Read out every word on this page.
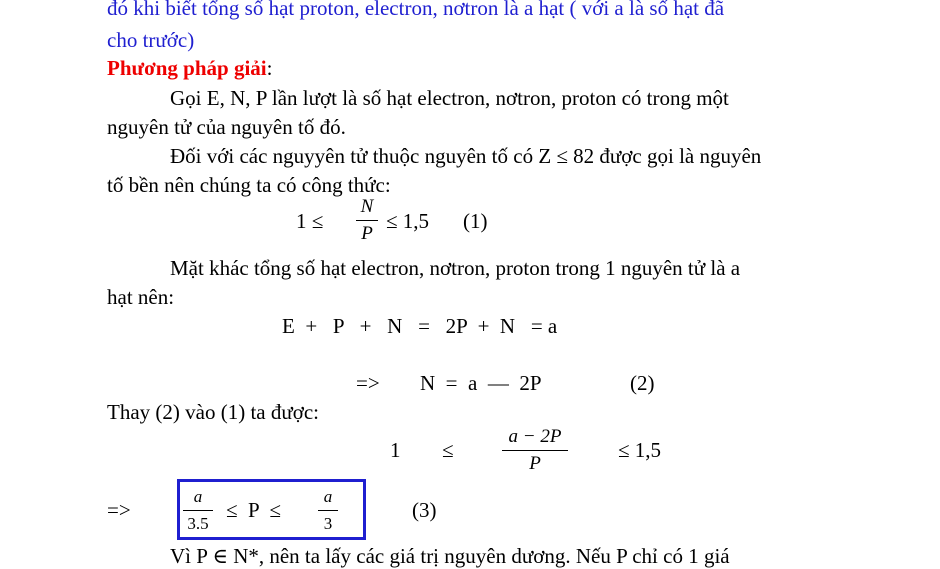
đó khi biết tổng số hạt proton, electron, nơtron là a hạt ( với a là số hạt đã
cho trước)
Phương pháp giải:
Gọi E, N, P lần lượt là số hạt electron, nơtron, proton có trong một
nguyên tử của nguyên tố đó.
Đối với các nguyyên tử thuộc nguyên tố có Z ≤ 82 được gọi là nguyên
tố bền nên chúng ta có công thức:
1 ≤
N
P
≤ 1,5 (1)
Mặt khác tổng số hạt electron, nơtron, proton trong 1 nguyên tử là a
hạt nên:
E  +   P   +   N   =   2P  +  N   = a
=> N  =  a  —  2P	(2)
Thay (2) vào (1) ta được:
1 ≤
a − 2P
P
≤ 1,5
=>
a
3.5
≤  P  ≤
a
3
(3)
Vì P ∈ N*, nên ta lấy các giá trị nguyên dương. Nếu P chỉ có 1 giá
